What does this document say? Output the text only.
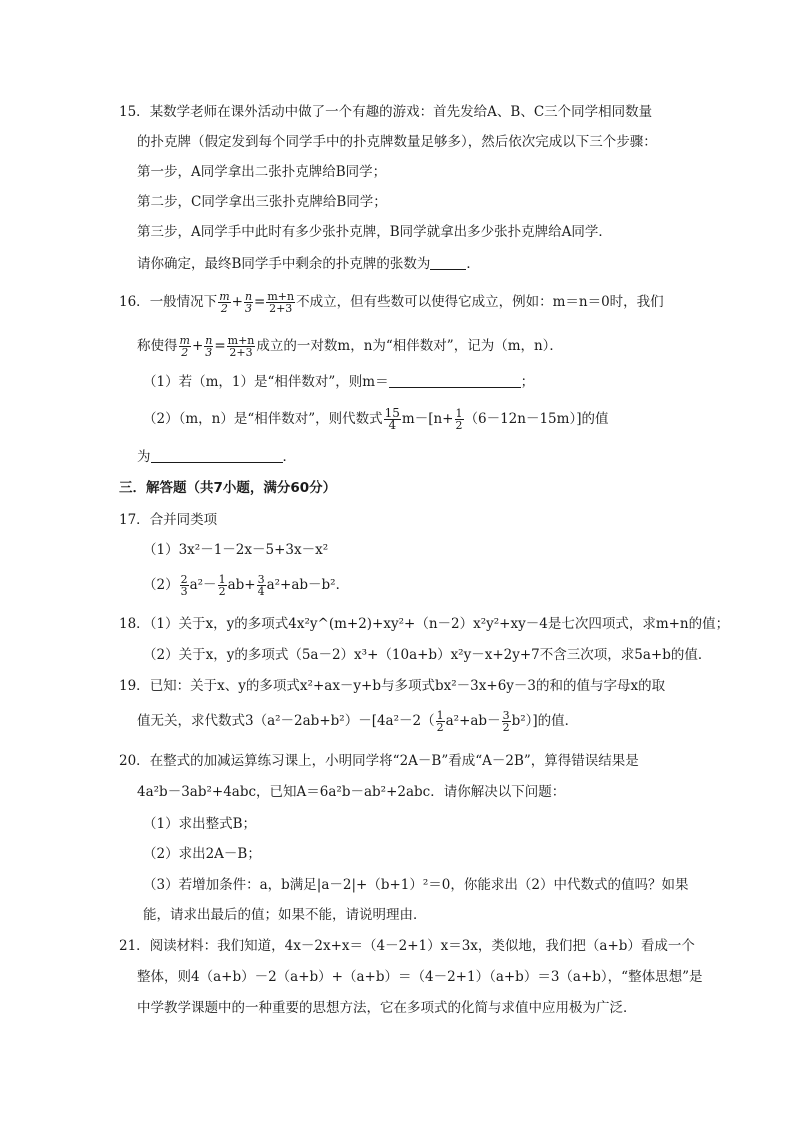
15．某数学老师在课外活动中做了一个有趣的游戏：首先发给A、B、C三个同学相同数量
的扑克牌（假定发到每个同学手中的扑克牌数量足够多），然后依次完成以下三个步骤：
第一步，A同学拿出二张扑克牌给B同学；
第二步，C同学拿出三张扑克牌给B同学；
第三步，A同学手中此时有多少张扑克牌，B同学就拿出多少张扑克牌给A同学．
请你确定，最终B同学手中剩余的扑克牌的张数为	．
16．一般情况下 $\frac{m}{2} + \frac{n}{3} = \frac{m+n}{2+3}$ 不成立，但有些数可以使得它成立，例如：m＝n＝0时，我们
称使得 $\frac{m}{2} + \frac{n}{3} = \frac{m+n}{2+3}$ 成立的一对数m，n为“相伴数对”，记为（m，n）．
（1）若（m，1）是“相伴数对”，则m＝	；
（2）（m，n）是“相伴数对”，则代数式 $\frac{15}{4} m-[n+ \frac{1}{2} (6-12n-15m)]$的值
为	．
三．解答题（共7小题，满分60分）
17．合并同类项
（1）3x²－1－2x－5+3x－x²
$(2) \frac{2}{3} a^2- \frac{1}{2} ab+ \frac{3}{4} a^2+ab-b^2$．
18．（1）关于x，y的多项式4x²y^(m+2)+xy²+（n－2）x²y²+xy－4是七次四项式，求m+n的值；
（2）关于x，y的多项式（5a－2）x³+（10a+b）x²y－x+2y+7不含三次项，求5a+b的值．
19．已知：关于x、y的多项式x²+ax－y+b与多项式bx²－3x+6y－3的和的值与字母x的取
值无关，求代数式$3(a^2-2ab+b^2)-[4a^2-2( \frac{1}{2} a^2+ab- \frac{3}{2} b^2)]$的值．
20．在整式的加减运算练习课上，小明同学将“2A－B”看成“A－2B”，算得错误结果是
4a²b－3ab²+4abc，已知A＝6a²b－ab²+2abc．请你解决以下问题：
（1）求出整式B；
（2）求出2A－B；
（3）若增加条件：a，b满足|a－2|+（b+1）²＝0，你能求出（2）中代数式的值吗？如果
能，请求出最后的值；如果不能，请说明理由．
21．阅读材料：我们知道，4x－2x+x＝（4－2+1）x＝3x，类似地，我们把（a+b）看成一个
整体，则4（a+b）－2（a+b）+（a+b）＝（4－2+1）（a+b）＝3（a+b），“整体思想”是
中学教学课题中的一种重要的思想方法，它在多项式的化简与求值中应用极为广泛．
